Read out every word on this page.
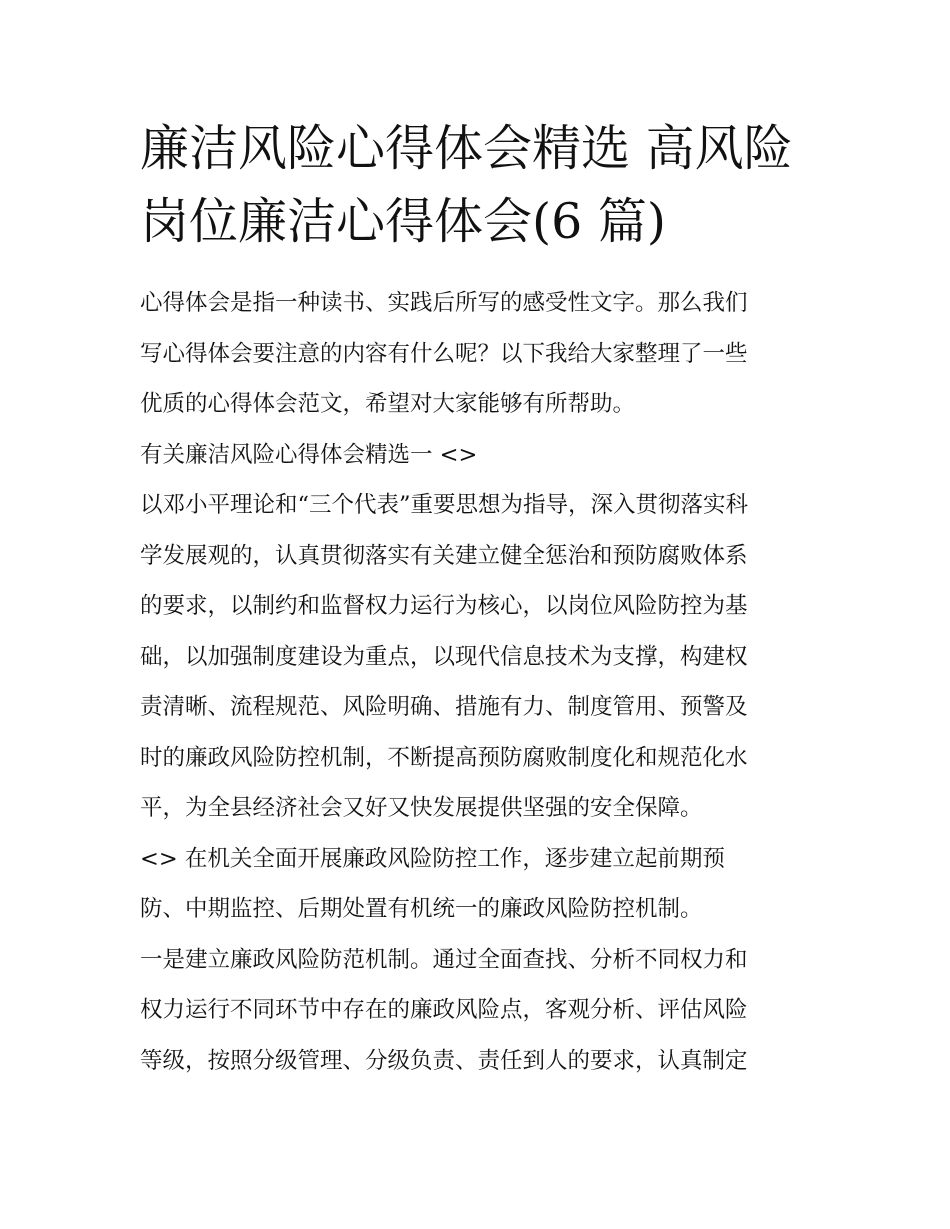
廉洁风险心得体会精选 高风险
岗位廉洁心得体会(6 篇)

心得体会是指一种读书、实践后所写的感受性文字。那么我们
写心得体会要注意的内容有什么呢？以下我给大家整理了一些
优质的心得体会范文，希望对大家能够有所帮助。

有关廉洁风险心得体会精选一 <>

以邓小平理论和“三个代表”重要思想为指导，深入贯彻落实科
学发展观的，认真贯彻落实有关建立健全惩治和预防腐败体系
的要求，以制约和监督权力运行为核心，以岗位风险防控为基
础，以加强制度建设为重点，以现代信息技术为支撑，构建权
责清晰、流程规范、风险明确、措施有力、制度管用、预警及
时的廉政风险防控机制，不断提高预防腐败制度化和规范化水
平，为全县经济社会又好又快发展提供坚强的安全保障。

<> 在机关全面开展廉政风险防控工作，逐步建立起前期预
防、中期监控、后期处置有机统一的廉政风险防控机制。

一是建立廉政风险防范机制。通过全面查找、分析不同权力和
权力运行不同环节中存在的廉政风险点，客观分析、评估风险
等级，按照分级管理、分级负责、责任到人的要求，认真制定
